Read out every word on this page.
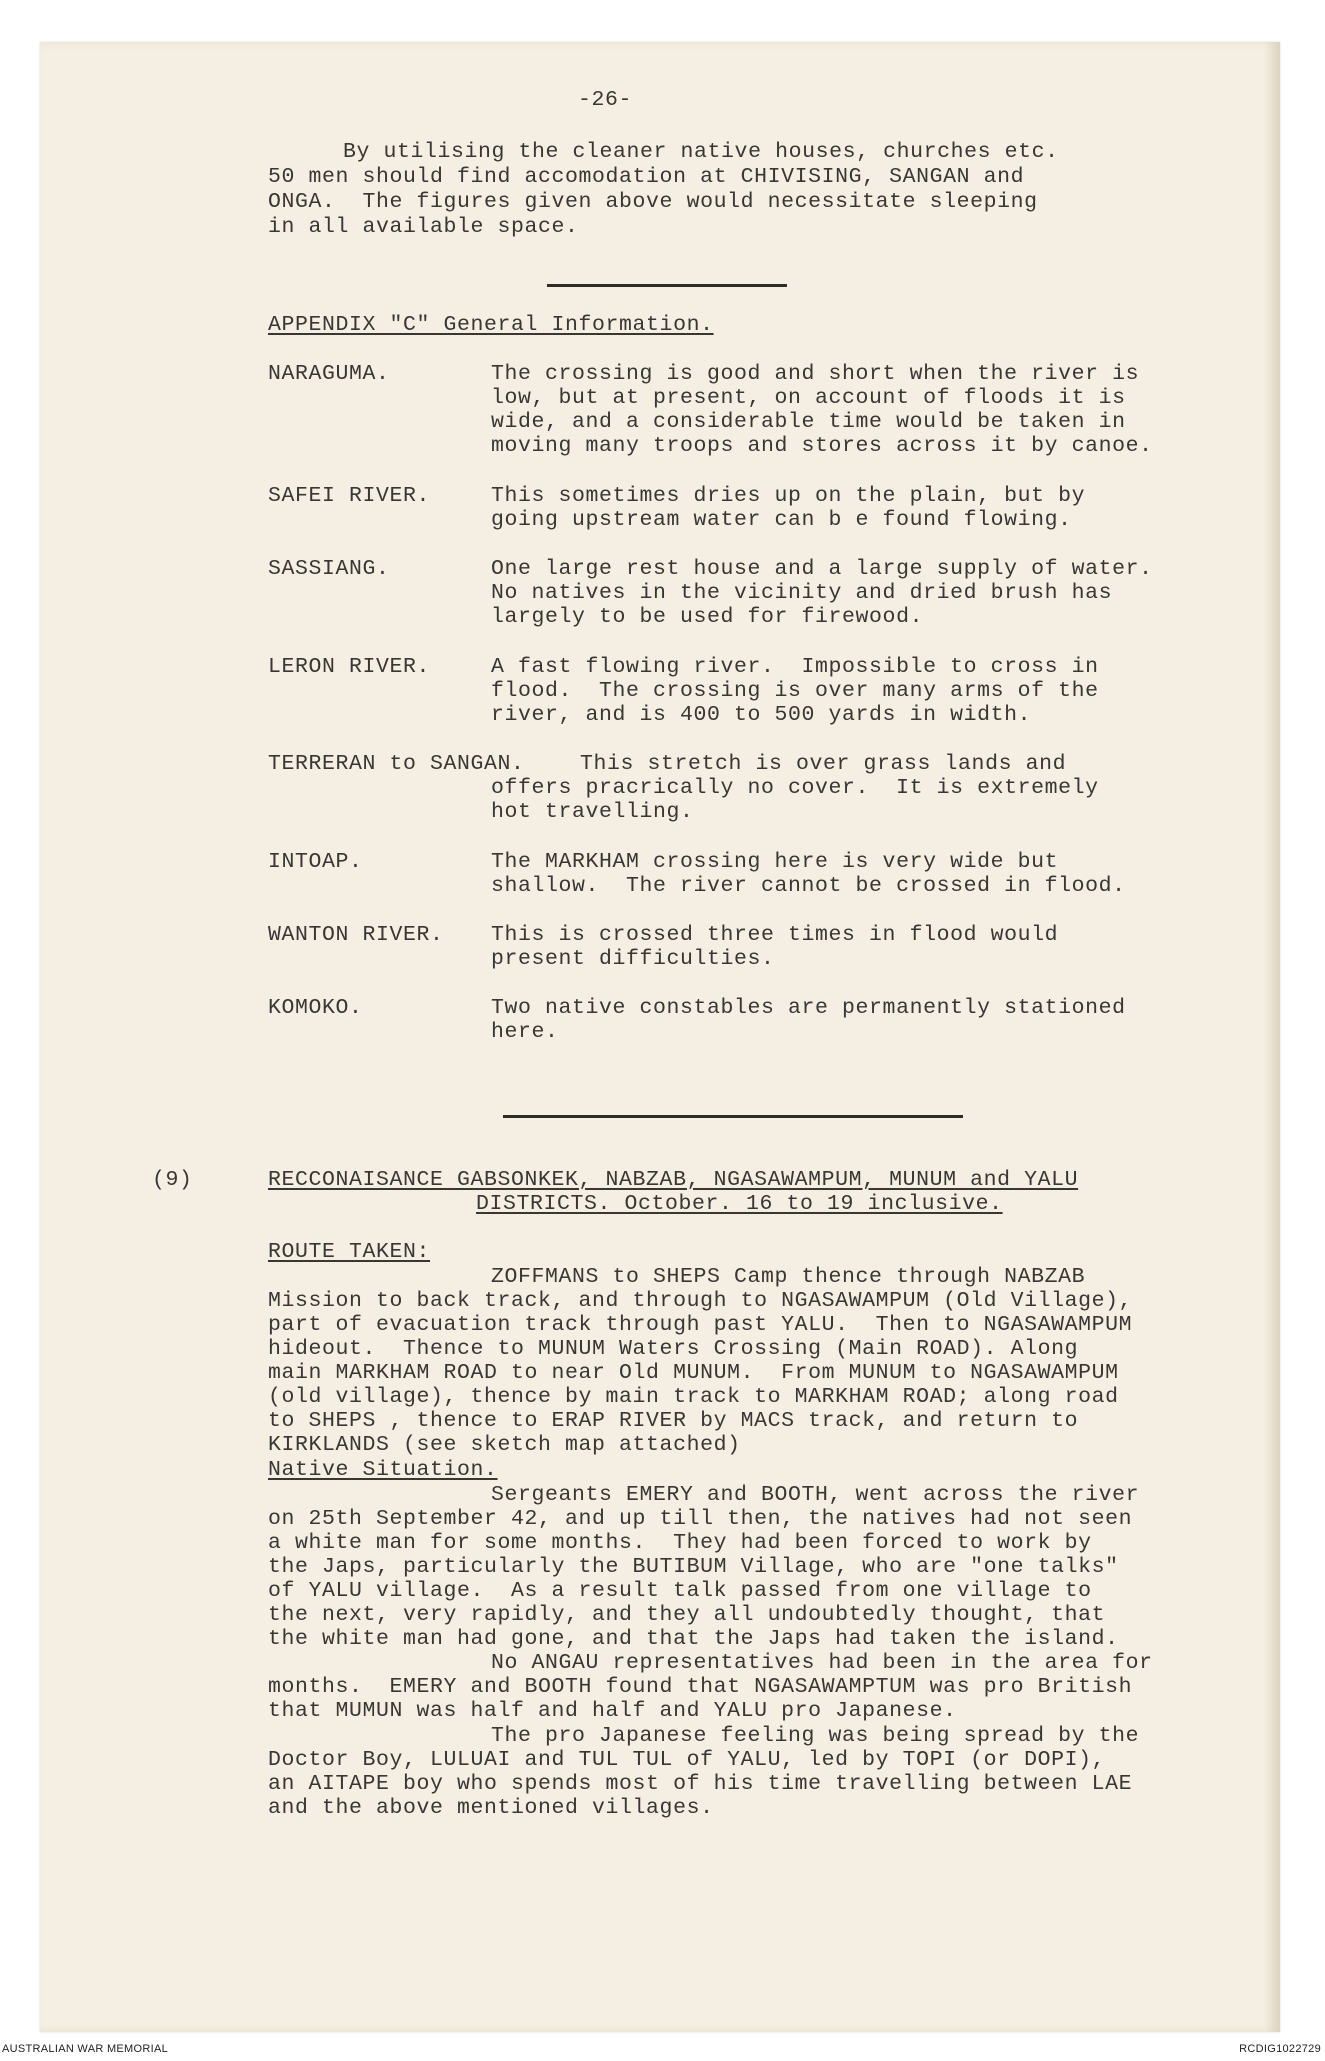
-26-
By utilising the cleaner native houses, churches etc.
50 men should find accomodation at CHIVISING, SANGAN and
ONGA.  The figures given above would necessitate sleeping
in all available space.
APPENDIX "C" General Information.
NARAGUMA.	The crossing is good and short when the river is
low, but at present, on account of floods it is
wide, and a considerable time would be taken in
moving many troops and stores across it by canoe.
SAFEI RIVER.	This sometimes dries up on the plain, but by
going upstream water can b e found flowing.
SASSIANG.	One large rest house and a large supply of water.
No natives in the vicinity and dried brush has
largely to be used for firewood.
LERON RIVER.	A fast flowing river.  Impossible to cross in
flood.  The crossing is over many arms of the
river, and is 400 to 500 yards in width.
TERRERAN to SANGAN.	This stretch is over grass lands and
offers pracrically no cover.  It is extremely
hot travelling.
INTOAP.	The MARKHAM crossing here is very wide but
shallow.  The river cannot be crossed in flood.
WANTON RIVER. This is crossed three times in flood would
present difficulties.
KOMOKO.	Two native constables are permanently stationed
here.
(9)	RECCONAISANCE GABSONKEK, NABZAB, NGASAWAMPUM, MUNUM and YALU
DISTRICTS. October. 16 to 19 inclusive.
ROUTE TAKEN:
ZOFFMANS to SHEPS Camp thence through NABZAB
Mission to back track, and through to NGASAWAMPUM (Old Village),
part of evacuation track through past YALU.  Then to NGASAWAMPUM
hideout.  Thence to MUNUM Waters Crossing (Main ROAD). Along
main MARKHAM ROAD to near Old MUNUM.  From MUNUM to NGASAWAMPUM
(old village), thence by main track to MARKHAM ROAD; along road
to SHEPS , thence to ERAP RIVER by MACS track, and return to
KIRKLANDS (see sketch map attached)
Native Situation.
Sergeants EMERY and BOOTH, went across the river
on 25th September 42, and up till then, the natives had not seen
a white man for some months.  They had been forced to work by
the Japs, particularly the BUTIBUM Village, who are "one talks"
of YALU village.  As a result talk passed from one village to
the next, very rapidly, and they all undoubtedly thought, that
the white man had gone, and that the Japs had taken the island.
No ANGAU representatives had been in the area for
months.  EMERY and BOOTH found that NGASAWAMPTUM was pro British
that MUMUN was half and half and YALU pro Japanese.
The pro Japanese feeling was being spread by the
Doctor Boy, LULUAI and TUL TUL of YALU, led by TOPI (or DOPI),
an AITAPE boy who spends most of his time travelling between LAE
and the above mentioned villages.
AUSTRALIAN WAR MEMORIAL	RCDIG1022729
